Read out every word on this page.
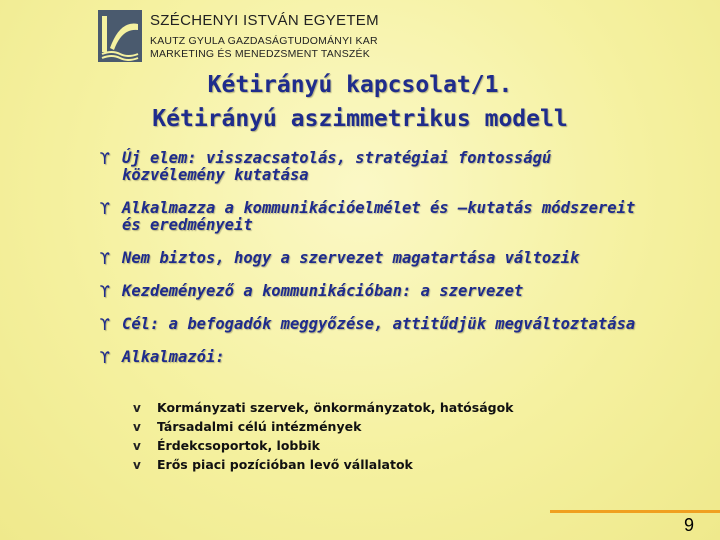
SZÉCHENYI ISTVÁN EGYETEM
KAUTZ GYULA GAZDASÁGTUDOMÁNYI KAR
MARKETING ÉS MENEDZSMENT TANSZÉK
Kétirányú kapcsolat/1.
Kétirányú aszimmetrikus modell
ϒ Új elem: visszacsatolás, stratégiai fontosságú közvélemény kutatása
ϒ Alkalmazza a kommunikációelmélet és –kutatás módszereit és eredményeit
ϒ Nem biztos, hogy a szervezet magatartása változik
ϒ Kezdeményező a kommunikációban: a szervezet
ϒ Cél: a befogadók meggyőzése, attitűdjük megváltoztatása
ϒ Alkalmazói:
v	Kormányzati szervek, önkormányzatok, hatóságok
v	Társadalmi célú intézmények
v	Érdekcsoportok, lobbik
v	Erős piaci pozícióban levő vállalatok
9
